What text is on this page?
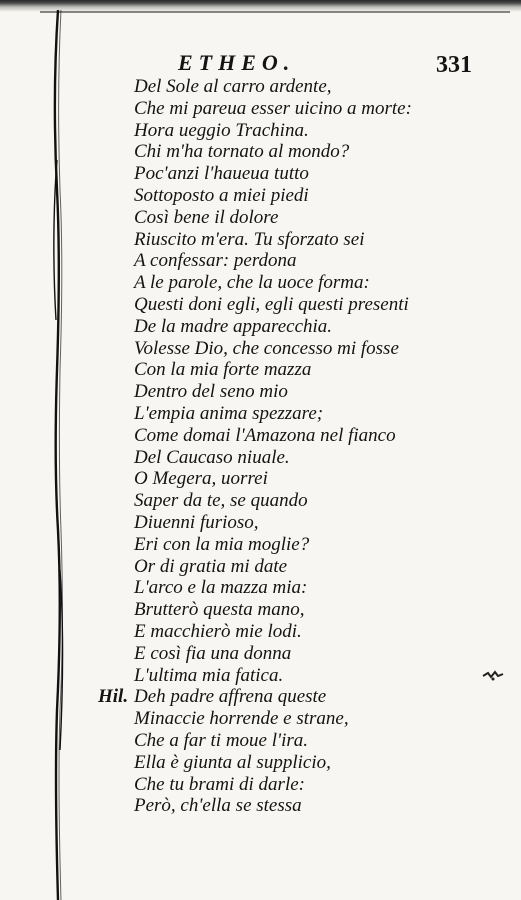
ETHEO.	331
Del Sole al carro ardente,
Che mi pareua esser uicino a morte:
Hora ueggio Trachina.
Chi m'ha tornato al mondo?
Poc'anzi l'haueua tutto
Sottoposto a miei piedi
Così bene il dolore
Riuscito m'era. Tu sforzato sei
A confessar: perdona
A le parole, che la uoce forma:
Questi doni egli, egli questi presenti
De la madre apparecchia.
Volesse Dio, che concesso mi fosse
Con la mia forte mazza
Dentro del seno mio
L'empia anima spezzare;
Come domai l'Amazona nel fianco
Del Caucaso niuale.
O Megera, uorrei
Saper da te, se quando
Diuenni furioso,
Eri con la mia moglie?
Or di gratia mi date
L'arco e la mazza mia:
Brutterò questa mano,
E macchierò mie lodi.
E così fia una donna
L'ultima mia fatica.
Hil. Deh padre affrena queste
Minaccie horrende e strane,
Che a far ti moue l'ira.
Ella è giunta al supplicio,
Che tu brami di darle:
Però, ch'ella se stessa
